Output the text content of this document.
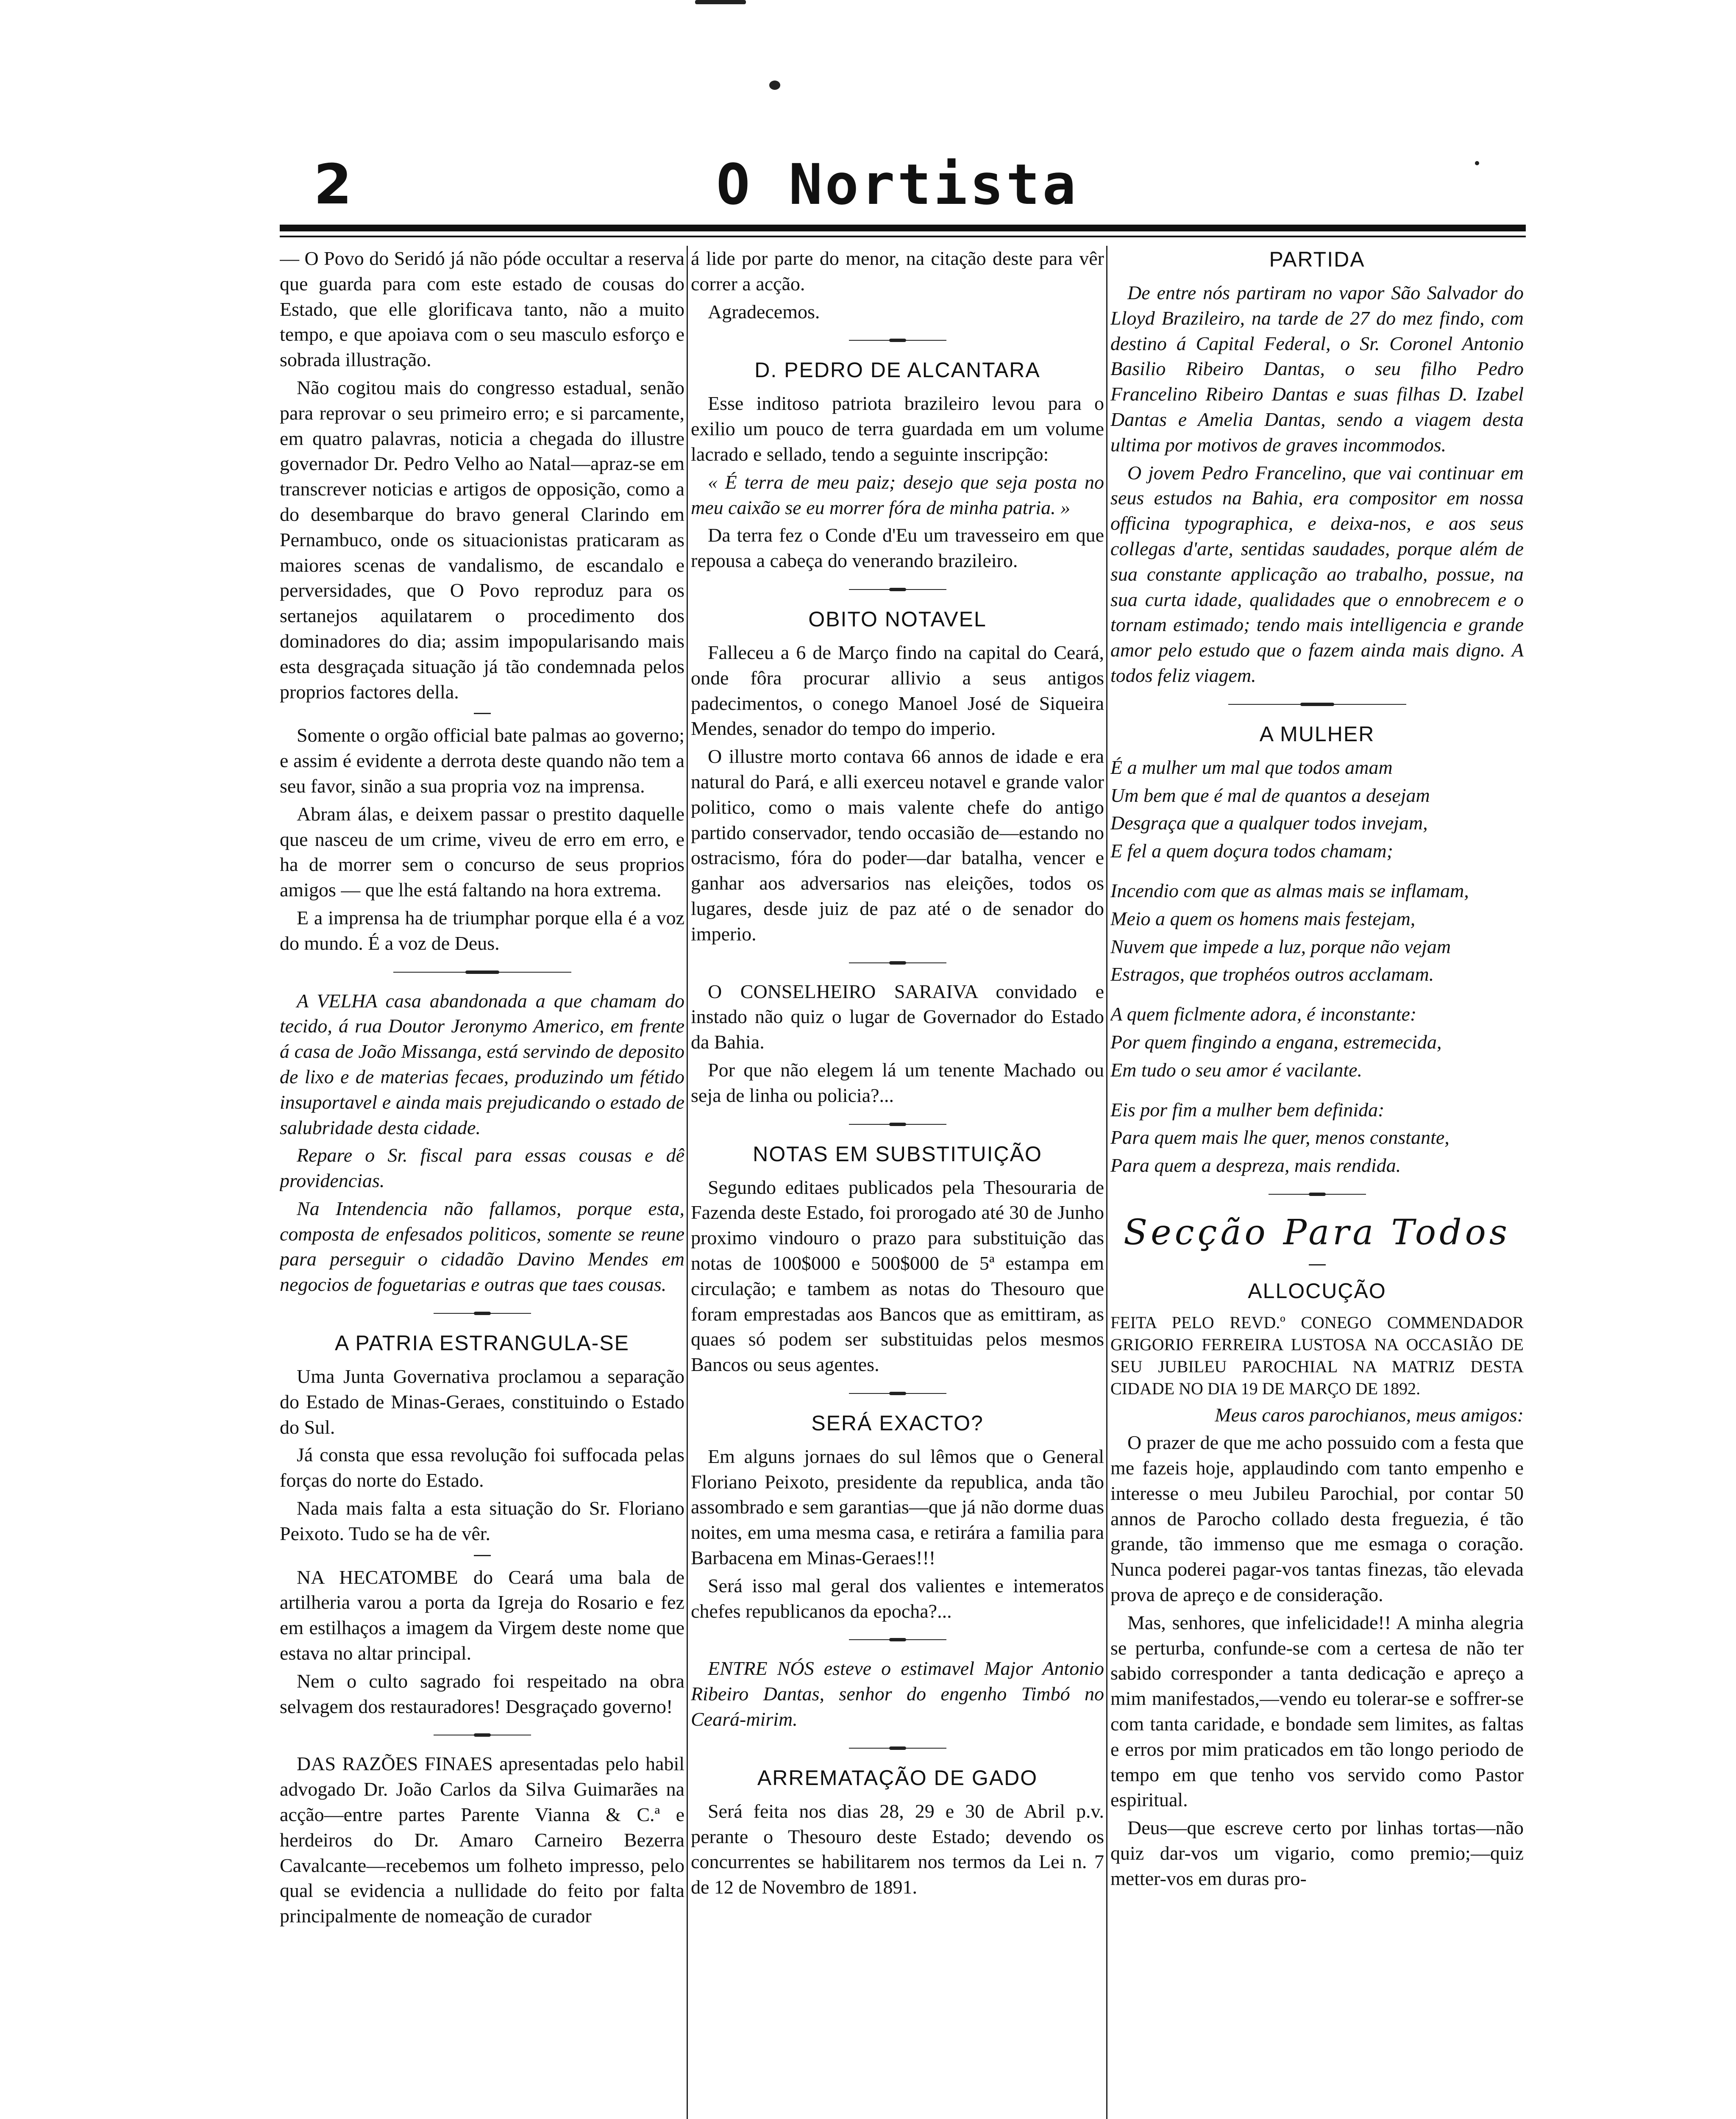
2	O Nortista

— O Povo do Seridó já não póde occultar a reserva que guarda para com este estado de cousas do Estado, que elle glorificava tanto, não a muito tempo, e que apoiava com o seu masculo esforço e sobrada illustração.

Não cogitou mais do congresso estadual, senão para reprovar o seu primeiro erro; e si parcamente, em quatro palavras, noticia a chegada do illustre governador Dr. Pedro Velho ao Natal—apraz-se em transcrever noticias e artigos de opposição, como a do desembarque do bravo general Clarindo em Pernambuco, onde os situacionistas praticaram as maiores scenas de vandalismo, de escandalo e perversidades, que O Povo reproduz para os sertanejos aquilatarem o procedimento dos dominadores do dia; assim impopularisando mais esta desgraçada situação já tão condemnada pelos proprios factores della.

Somente o orgão official bate palmas ao governo; e assim é evidente a derrota deste quando não tem a seu favor, sinão a sua propria voz na imprensa.

Abram álas, e deixem passar o prestito daquelle que nasceu de um crime, viveu de erro em erro, e ha de morrer sem o concurso de seus proprios amigos — que lhe está faltando na hora extrema.

E a imprensa ha de triumphar porque ella é a voz do mundo. É a voz de Deus.

A VELHA casa abandonada a que chamam do tecido, á rua Doutor Jeronymo Americo, em frente á casa de João Missanga, está servindo de deposito de lixo e de materias fecaes, produzindo um fétido insuportavel e ainda mais prejudicando o estado de salubridade desta cidade.

Repare o Sr. fiscal para essas cousas e dê providencias.

Na Intendencia não fallamos, porque esta, composta de enfesados politicos, somente se reune para perseguir o cidadão Davino Mendes em negocios de foguetarias e outras que taes cousas.

A PATRIA ESTRANGULA-SE

Uma Junta Governativa proclamou a separação do Estado de Minas-Geraes, constituindo o Estado do Sul.

Já consta que essa revolução foi suffocada pelas forças do norte do Estado.

Nada mais falta a esta situação do Sr. Floriano Peixoto. Tudo se ha de vêr.

NA HECATOMBE do Ceará uma bala de artilheria varou a porta da Igreja do Rosario e fez em estilhaços a imagem da Virgem deste nome que estava no altar principal.

Nem o culto sagrado foi respeitado na obra selvagem dos restauradores! Desgraçado governo!

DAS RAZÕES FINAES apresentadas pelo habil advogado Dr. João Carlos da Silva Guimarães na acção—entre partes Parente Vianna & C.ª e herdeiros do Dr. Amaro Carneiro Bezerra Cavalcante—recebemos um folheto impresso, pelo qual se evidencia a nullidade do feito por falta principalmente de nomeação de curador

á lide por parte do menor, na citação deste para vêr correr a acção.

Agradecemos.

D. PEDRO DE ALCANTARA

Esse inditoso patriota brazileiro levou para o exilio um pouco de terra guardada em um volume lacrado e sellado, tendo a seguinte inscripção:

« É terra de meu paiz; desejo que seja posta no meu caixão se eu morrer fóra de minha patria. »

Da terra fez o Conde d'Eu um travesseiro em que repousa a cabeça do venerando brazileiro.

OBITO NOTAVEL

Falleceu a 6 de Março findo na capital do Ceará, onde fôra procurar allivio a seus antigos padecimentos, o conego Manoel José de Siqueira Mendes, senador do tempo do imperio.

O illustre morto contava 66 annos de idade e era natural do Pará, e alli exerceu notavel e grande valor politico, como o mais valente chefe do antigo partido conservador, tendo occasião de—estando no ostracismo, fóra do poder—dar batalha, vencer e ganhar aos adversarios nas eleições, todos os lugares, desde juiz de paz até o de senador do imperio.

O CONSELHEIRO SARAIVA convidado e instado não quiz o lugar de Governador do Estado da Bahia.

Por que não elegem lá um tenente Machado ou seja de linha ou policia?...

NOTAS EM SUBSTITUIÇÃO

Segundo editaes publicados pela Thesouraria de Fazenda deste Estado, foi prorogado até 30 de Junho proximo vindouro o prazo para substituição das notas de 100$000 e 500$000 de 5ª estampa em circulação; e tambem as notas do Thesouro que foram emprestadas aos Bancos que as emittiram, as quaes só podem ser substituidas pelos mesmos Bancos ou seus agentes.

SERÁ EXACTO?

Em alguns jornaes do sul lêmos que o General Floriano Peixoto, presidente da republica, anda tão assombrado e sem garantias—que já não dorme duas noites, em uma mesma casa, e retirára a familia para Barbacena em Minas-Geraes!!!

Será isso mal geral dos valientes e intemeratos chefes republicanos da epocha?...

ENTRE NÓS esteve o estimavel Major Antonio Ribeiro Dantas, senhor do engenho Timbó no Ceará-mirim.

ARREMATAÇÃO DE GADO

Será feita nos dias 28, 29 e 30 de Abril p.v. perante o Thesouro deste Estado; devendo os concurrentes se habilitarem nos termos da Lei n. 7 de 12 de Novembro de 1891.

PARTIDA

De entre nós partiram no vapor São Salvador do Lloyd Brazileiro, na tarde de 27 do mez findo, com destino á Capital Federal, o Sr. Coronel Antonio Basilio Ribeiro Dantas, o seu filho Pedro Francelino Ribeiro Dantas e suas filhas D. Izabel Dantas e Amelia Dantas, sendo a viagem desta ultima por motivos de graves incommodos.

O jovem Pedro Francelino, que vai continuar em seus estudos na Bahia, era compositor em nossa officina typographica, e deixa-nos, e aos seus collegas d'arte, sentidas saudades, porque além de sua constante applicação ao trabalho, possue, na sua curta idade, qualidades que o ennobrecem e o tornam estimado; tendo mais intelligencia e grande amor pelo estudo que o fazem ainda mais digno. A todos feliz viagem.

A MULHER

É a mulher um mal que todos amam

Um bem que é mal de quantos a desejam

Desgraça que a qualquer todos invejam,

E fel a quem doçura todos chamam;

Incendio com que as almas mais se inflamam,

Meio a quem os homens mais festejam,

Nuvem que impede a luz, porque não vejam

Estragos, que trophéos outros acclamam.

A quem ficlmente adora, é inconstante:

Por quem fingindo a engana, estremecida,

Em tudo o seu amor é vacilante.

Eis por fim a mulher bem definida:

Para quem mais lhe quer, menos constante,

Para quem a despreza, mais rendida.

Secção Para Todos
ALLOCUÇÃO

FEITA PELO REVD.º CONEGO COMMENDADOR GRIGORIO FERREIRA LUSTOSA NA OCCASIÃO DE SEU JUBILEU PAROCHIAL NA MATRIZ DESTA CIDADE NO DIA 19 DE MARÇO DE 1892.

Meus caros parochianos, meus amigos:

O prazer de que me acho possuido com a festa que me fazeis hoje, applaudindo com tanto empenho e interesse o meu Jubileu Parochial, por contar 50 annos de Parocho collado desta freguezia, é tão grande, tão immenso que me esmaga o coração. Nunca poderei pagar-vos tantas finezas, tão elevada prova de apreço e de consideração.

Mas, senhores, que infelicidade!! A minha alegria se perturba, confunde-se com a certesa de não ter sabido corresponder a tanta dedicação e apreço a mim manifestados,—vendo eu tolerar-se e soffrer-se com tanta caridade, e bondade sem limites, as faltas e erros por mim praticados em tão longo periodo de tempo em que tenho vos servido como Pastor espiritual.

Deus—que escreve certo por linhas tortas—não quiz dar-vos um vigario, como premio;—quiz metter-vos em duras pro-
